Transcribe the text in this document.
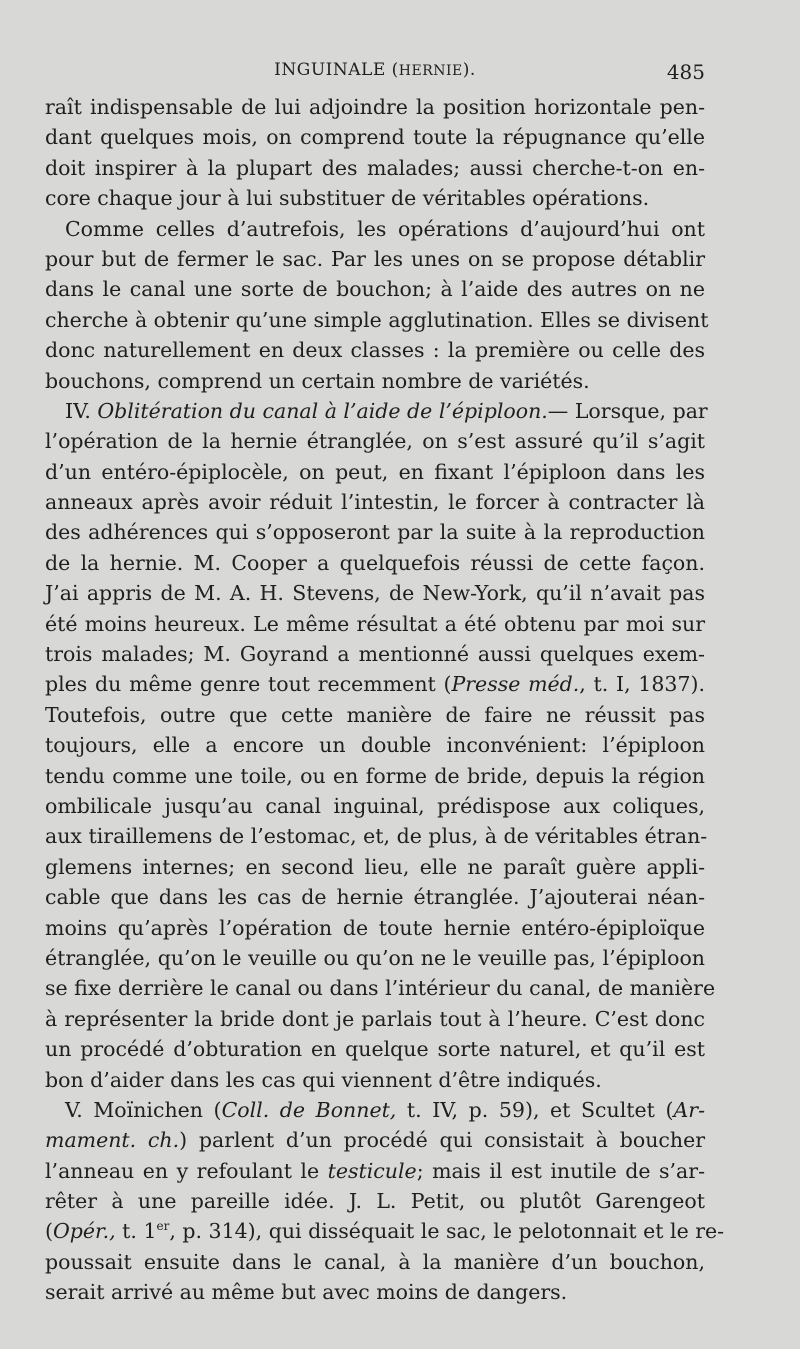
INGUINALE (HERNIE).	485
raît indispensable de lui adjoindre la position horizontale pen-
dant quelques mois, on comprend toute la répugnance qu’elle
doit inspirer à la plupart des malades; aussi cherche-t-on en-
core chaque jour à lui substituer de véritables opérations.
Comme celles d’autrefois, les opérations d’aujourd’hui ont
pour but de fermer le sac. Par les unes on se propose détablir
dans le canal une sorte de bouchon; à l’aide des autres on ne
cherche à obtenir qu’une simple agglutination. Elles se divisent
donc naturellement en deux classes : la première ou celle des
bouchons, comprend un certain nombre de variétés.
IV. Oblitération du canal à l’aide de l’épiploon.— Lorsque, par
l’opération de la hernie étranglée, on s’est assuré qu’il s’agit
d’un entéro-épiplocèle, on peut, en fixant l’épiploon dans les
anneaux après avoir réduit l’intestin, le forcer à contracter là
des adhérences qui s’opposeront par la suite à la reproduction
de la hernie. M. Cooper a quelquefois réussi de cette façon.
J’ai appris de M. A. H. Stevens, de New-York, qu’il n’avait pas
été moins heureux. Le même résultat a été obtenu par moi sur
trois malades; M. Goyrand a mentionné aussi quelques exem-
ples du même genre tout recemment (Presse méd., t. I, 1837).
Toutefois, outre que cette manière de faire ne réussit pas
toujours, elle a encore un double inconvénient: l’épiploon
tendu comme une toile, ou en forme de bride, depuis la région
ombilicale jusqu’au canal inguinal, prédispose aux coliques,
aux tiraillemens de l’estomac, et, de plus, à de véritables étran-
glemens internes; en second lieu, elle ne paraît guère appli-
cable que dans les cas de hernie étranglée. J’ajouterai néan-
moins qu’après l’opération de toute hernie entéro-épiploïque
étranglée, qu’on le veuille ou qu’on ne le veuille pas, l’épiploon
se fixe derrière le canal ou dans l’intérieur du canal, de manière
à représenter la bride dont je parlais tout à l’heure. C’est donc
un procédé d’obturation en quelque sorte naturel, et qu’il est
bon d’aider dans les cas qui viennent d’être indiqués.
V. Moïnichen (Coll. de Bonnet, t. IV, p. 59), et Scultet (Ar-
mament. ch.) parlent d’un procédé qui consistait à boucher
l’anneau en y refoulant le testicule; mais il est inutile de s’ar-
rêter à une pareille idée. J. L. Petit, ou plutôt Garengeot
(Opér., t. 1er, p. 314), qui disséquait le sac, le pelotonnait et le re-
poussait ensuite dans le canal, à la manière d’un bouchon,
serait arrivé au même but avec moins de dangers.
